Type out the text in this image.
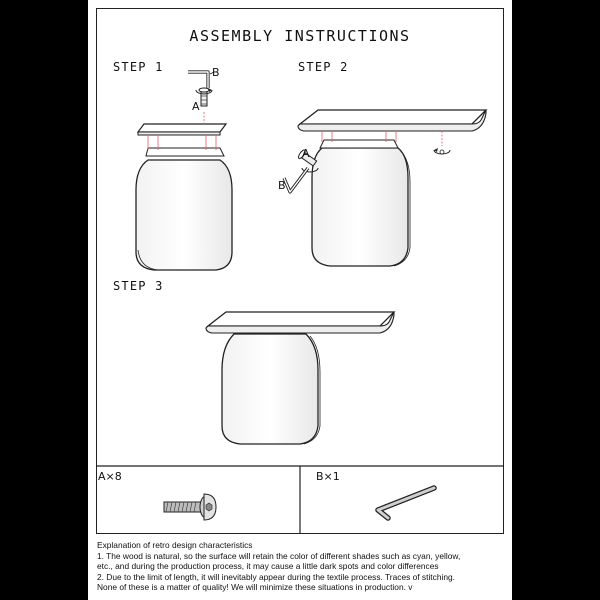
ASSEMBLY INSTRUCTIONS
STEP 1	STEP 2
STEP 3
B
A
A
B
A×8	B×1
Explanation of retro design characteristics
1. The wood is natural, so the surface will retain the color of different shades such as cyan, yellow,
etc., and during the production process, it may cause a little dark spots and color differences
2. Due to the limit of length, it will inevitably appear during the textile process. Traces of stitching.
None of these is a matter of quality! We will minimize these situations in production. v
